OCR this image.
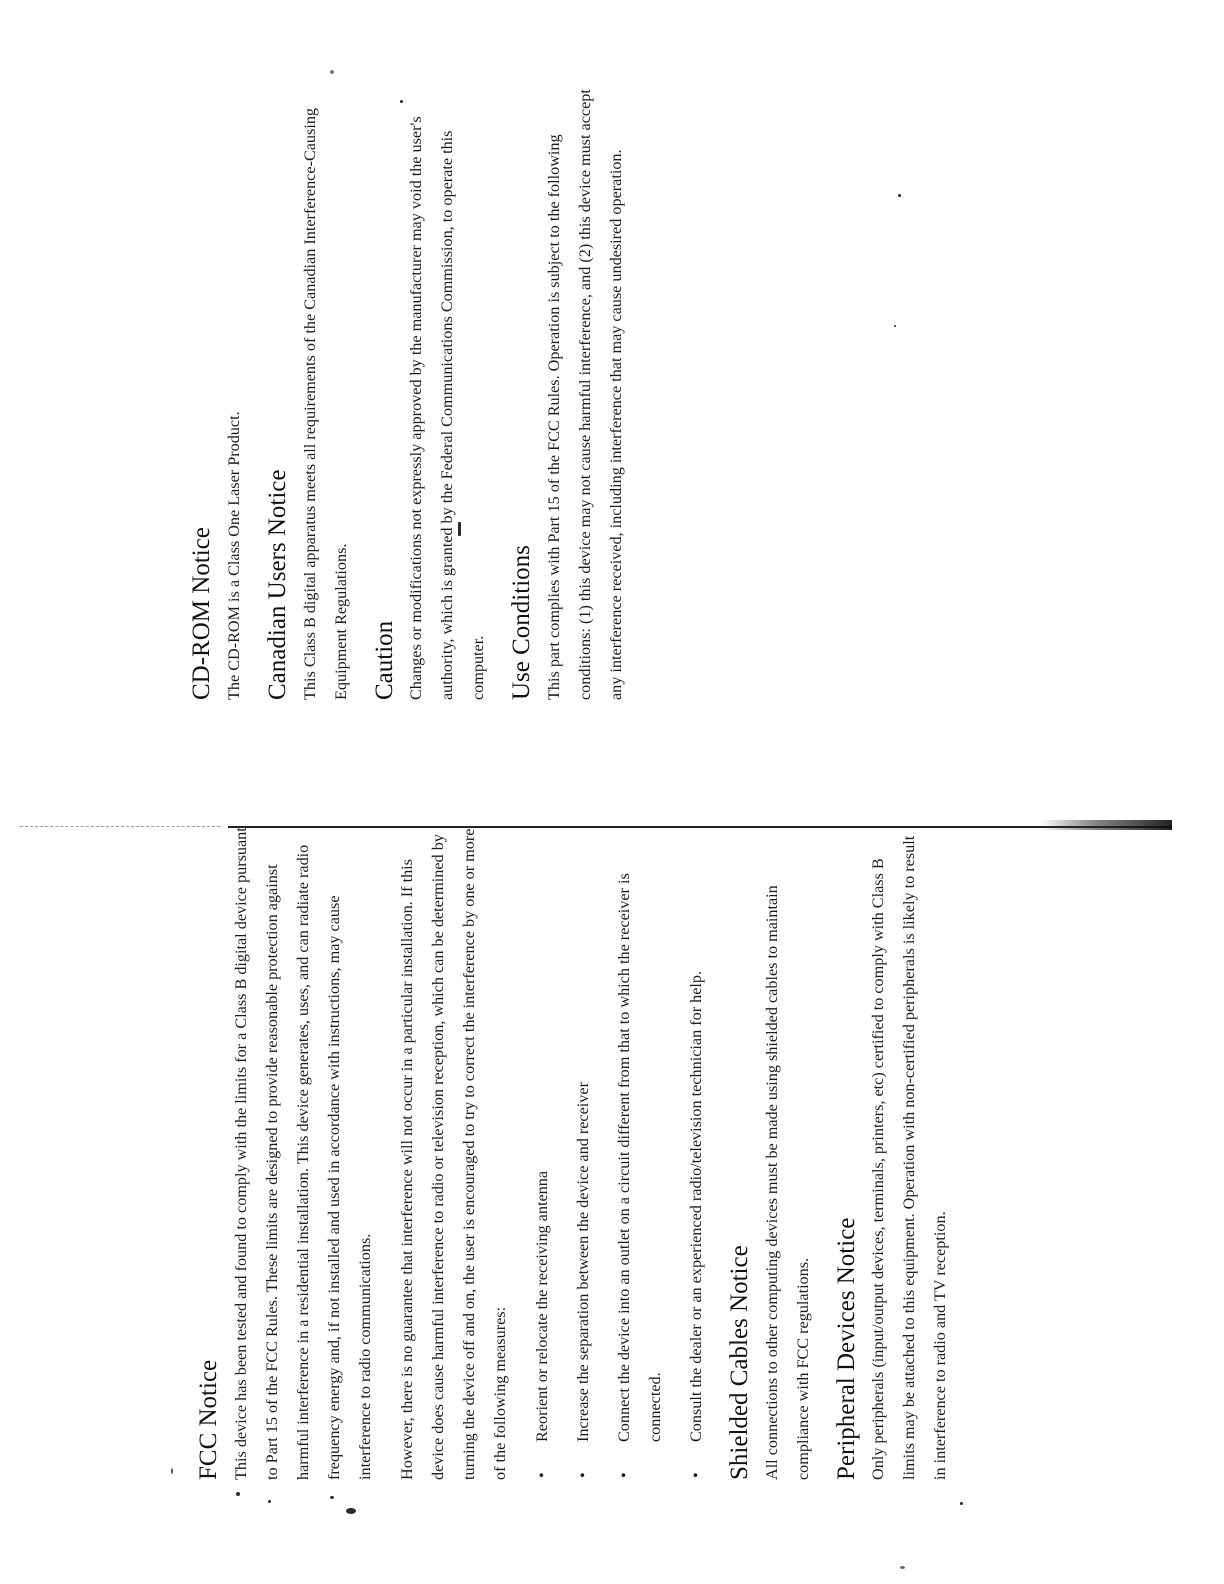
CD-ROM Notice The CD-ROM is a Class One Laser Product. Canadian Users Notice This Class B digital apparatus meets all requirements of the Canadian Interference-Causing Equipment Regulations. Caution Changes or modifications not expressly approved by the manufacturer may void the user's authority, which is granted by the Federal Communications Commission, to operate this computer. Use Conditions This part complies with Part 15 of the FCC Rules. Operation is subject to the following conditions: (1) this device may not cause harmful interference, and (2) this device must accept any interference received, including interference that may cause undesired operation.

FCC Notice This device has been tested and found to comply with the limits for a Class B digital device pursuant to Part 15 of the FCC Rules. These limits are designed to provide reasonable protection against harmful interference in a residential installation. This device generates, uses, and can radiate radio frequency energy and, if not installed and used in accordance with instructions, may cause interference to radio communications.	However, there is no guarantee that interference will not occur in a particular installation. If this device does cause harmful interference to radio or television reception, which can be determined by turning the device off and on, the user is encouraged to try to correct the interference by one or more of the following measures:	•
Reorient or relocate the receiving antenna
•
Increase the separation between the device and receiver
•
Connect the device into an outlet on a circuit different from that to which the receiver is connected.
•
Consult the dealer or an experienced radio/television technician for help. Shielded Cables Notice All connections to other computing devices must be made using shielded cables to maintain compliance with FCC regulations. Peripheral Devices Notice Only peripherals (input/output devices, terminals, printers, etc) certified to comply with Class B limits may be attached to this equipment. Operation with non-certified peripherals is likely to result in interference to radio and TV reception.
